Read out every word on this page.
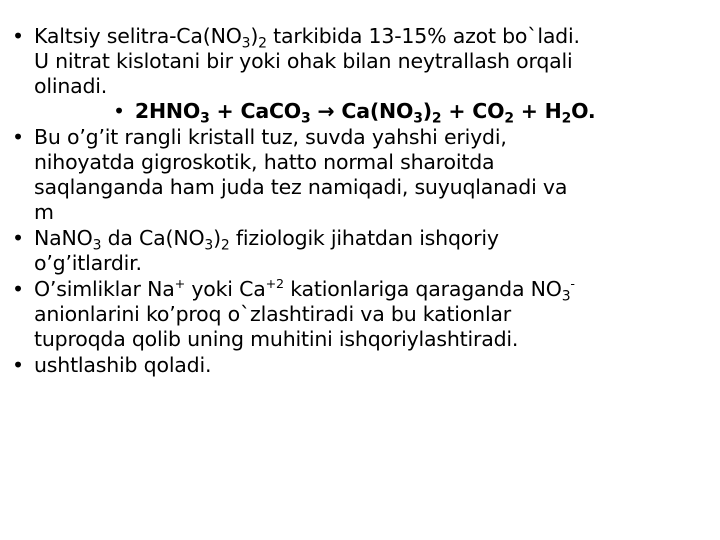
• Kaltsiy selitra-$Ca(NO_3)_2$ tarkibida 13-15% azot bo`ladi.
U nitrat kislotani bir yoki ohak bilan neytrallash orqali
olinadi.
• $2HNO_3$ + CaCO$_3$ → $Ca(NO_3)_2 + CO_2 + H_2O$.
• Bu o’g’it rangli kristall tuz, suvda yahshi eriydi,
nihoyatda gigroskotik, hatto normal sharoitda
saqlanganda ham juda tez namiqadi, suyuqlanadi va
m
• NaNO$_3$ da $Ca(NO_3)_2$ fiziologik jihatdan ishqoriy
o’g’itlardir.
• O’simliklar Na+ yoki $Ca^{+2}$ kationlariga qaraganda $NO_3^-$
anionlarini ko’proq o`zlashtiradi va bu kationlar
tuproqda qolib uning muhitini ishqoriylashtiradi.
• ushtlashib qoladi.
